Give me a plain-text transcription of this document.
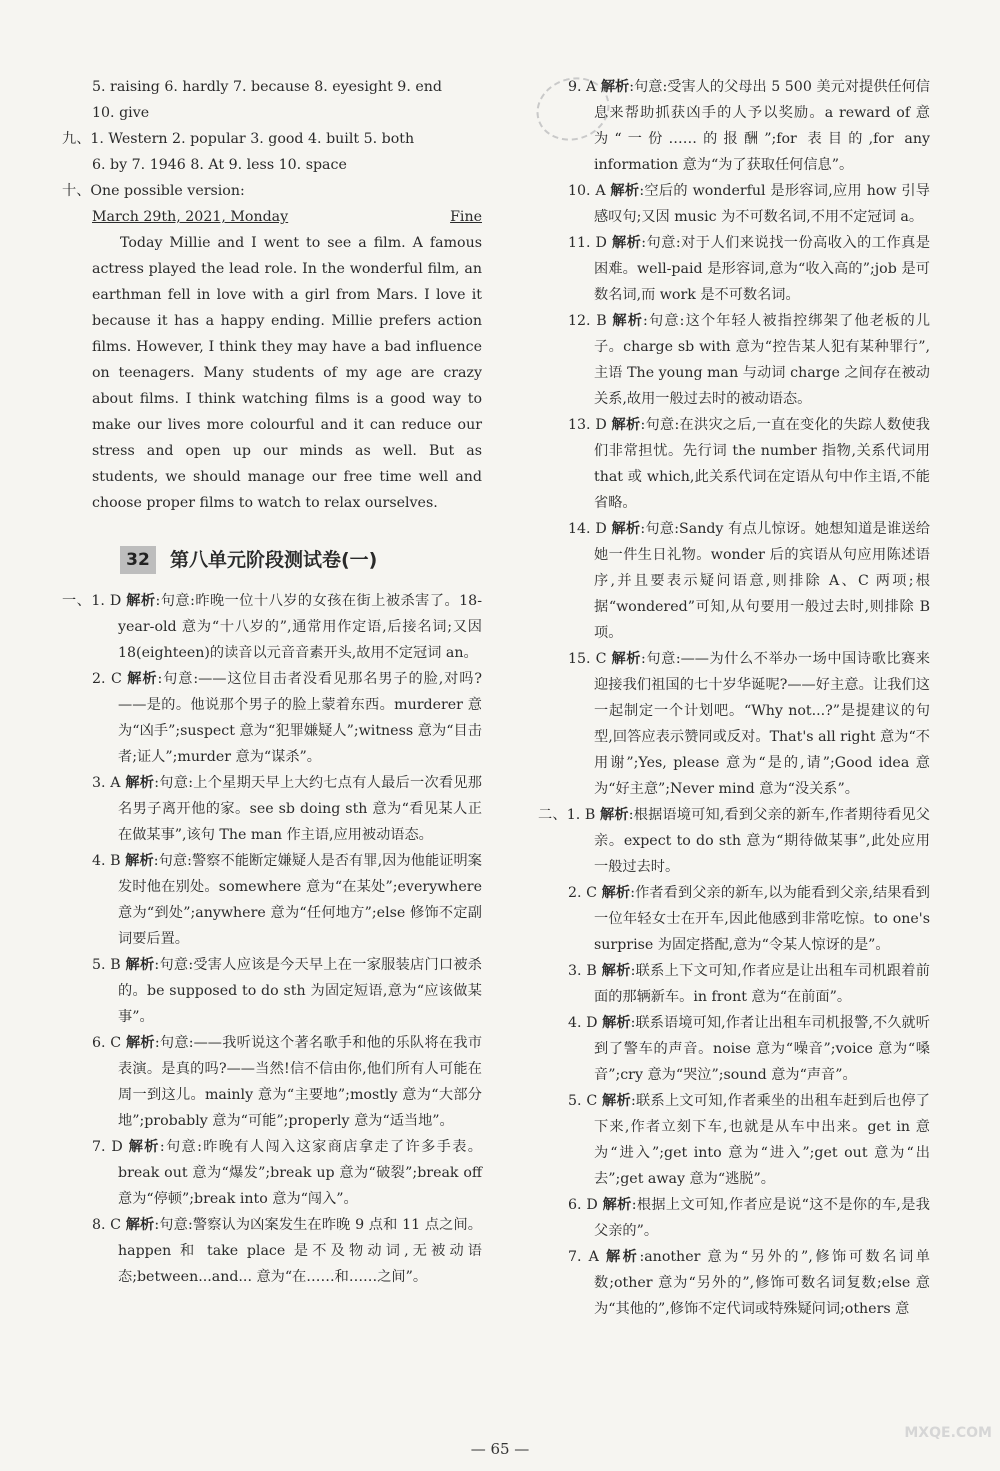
5. raising 6. hardly 7. because 8. eyesight 9. end
10. give
九、1. Western 2. popular 3. good 4. built 5. both
6. by 7. 1946 8. At 9. less 10. space
十、One possible version:
March 29th, 2021, Monday	Fine
Today Millie and I went to see a film. A famous actress played the lead role. In the wonderful film, an earthman fell in love with a girl from Mars. I love it because it has a happy ending. Millie prefers action films. However, I think they may have a bad influence on teenagers. Many students of my age are crazy about films. I think watching films is a good way to make our lives more colourful and it can reduce our stress and open up our minds as well. But as students, we should manage our free time well and choose proper films to watch to relax ourselves.
32	第八单元阶段测试卷(一)
一、1. D 解析:句意:昨晚一位十八岁的女孩在街上被杀害了。18-year-old 意为“十八岁的”,通常用作定语,后接名词;又因 18(eighteen)的读音以元音音素开头,故用不定冠词 an。
2. C 解析:句意:——这位目击者没看见那名男子的脸,对吗?——是的。他说那个男子的脸上蒙着东西。murderer 意为“凶手”;suspect 意为“犯罪嫌疑人”;witness 意为“目击者;证人”;murder 意为“谋杀”。
3. A 解析:句意:上个星期天早上大约七点有人最后一次看见那名男子离开他的家。see sb doing sth 意为“看见某人正在做某事”,该句 The man 作主语,应用被动语态。
4. B 解析:句意:警察不能断定嫌疑人是否有罪,因为他能证明案发时他在别处。somewhere 意为“在某处”;everywhere 意为“到处”;anywhere 意为“任何地方”;else 修饰不定副词要后置。
5. B 解析:句意:受害人应该是今天早上在一家服装店门口被杀的。be supposed to do sth 为固定短语,意为“应该做某事”。
6. C 解析:句意:——我听说这个著名歌手和他的乐队将在我市表演。是真的吗?——当然!信不信由你,他们所有人可能在周一到这儿。mainly 意为“主要地”;mostly 意为“大部分地”;probably 意为“可能”;properly 意为“适当地”。
7. D 解析:句意:昨晚有人闯入这家商店拿走了许多手表。break out 意为“爆发”;break up 意为“破裂”;break off 意为“停顿”;break into 意为“闯入”。
8. C 解析:句意:警察认为凶案发生在昨晚 9 点和 11 点之间。happen 和 take place 是不及物动词,无被动语态;between...and... 意为“在……和……之间”。
9. A 解析:句意:受害人的父母出 5 500 美元对提供任何信息来帮助抓获凶手的人予以奖励。a reward of 意为“一份……的报酬”;for 表目的,for any information 意为“为了获取任何信息”。
10. A 解析:空后的 wonderful 是形容词,应用 how 引导感叹句;又因 music 为不可数名词,不用不定冠词 a。
11. D 解析:句意:对于人们来说找一份高收入的工作真是困难。well-paid 是形容词,意为“收入高的”;job 是可数名词,而 work 是不可数名词。
12. B 解析:句意:这个年轻人被指控绑架了他老板的儿子。charge sb with 意为“控告某人犯有某种罪行”,主语 The young man 与动词 charge 之间存在被动关系,故用一般过去时的被动语态。
13. D 解析:句意:在洪灾之后,一直在变化的失踪人数使我们非常担忧。先行词 the number 指物,关系代词用 that 或 which,此关系代词在定语从句中作主语,不能省略。
14. D 解析:句意:Sandy 有点儿惊讶。她想知道是谁送给她一件生日礼物。wonder 后的宾语从句应用陈述语序,并且要表示疑问语意,则排除 A、C 两项;根据“wondered”可知,从句要用一般过去时,则排除 B 项。
15. C 解析:句意:——为什么不举办一场中国诗歌比赛来迎接我们祖国的七十岁华诞呢?——好主意。让我们这一起制定一个计划吧。“Why not...?”是提建议的句型,回答应表示赞同或反对。That's all right 意为“不用谢”;Yes, please 意为“是的,请”;Good idea 意为“好主意”;Never mind 意为“没关系”。
二、1. B 解析:根据语境可知,看到父亲的新车,作者期待看见父亲。expect to do sth 意为“期待做某事”,此处应用一般过去时。
2. C 解析:作者看到父亲的新车,以为能看到父亲,结果看到一位年轻女士在开车,因此他感到非常吃惊。to one's surprise 为固定搭配,意为“令某人惊讶的是”。
3. B 解析:联系上下文可知,作者应是让出租车司机跟着前面的那辆新车。in front 意为“在前面”。
4. D 解析:联系语境可知,作者让出租车司机报警,不久就听到了警车的声音。noise 意为“噪音”;voice 意为“嗓音”;cry 意为“哭泣”;sound 意为“声音”。
5. C 解析:联系上文可知,作者乘坐的出租车赶到后也停了下来,作者立刻下车,也就是从车中出来。get in 意为“进入”;get into 意为“进入”;get out 意为“出去”;get away 意为“逃脱”。
6. D 解析:根据上文可知,作者应是说“这不是你的车,是我父亲的”。
7. A 解析:another 意为“另外的”,修饰可数名词单数;other 意为“另外的”,修饰可数名词复数;else 意为“其他的”,修饰不定代词或特殊疑问词;others 意
— 65 —
MXQE.COM
